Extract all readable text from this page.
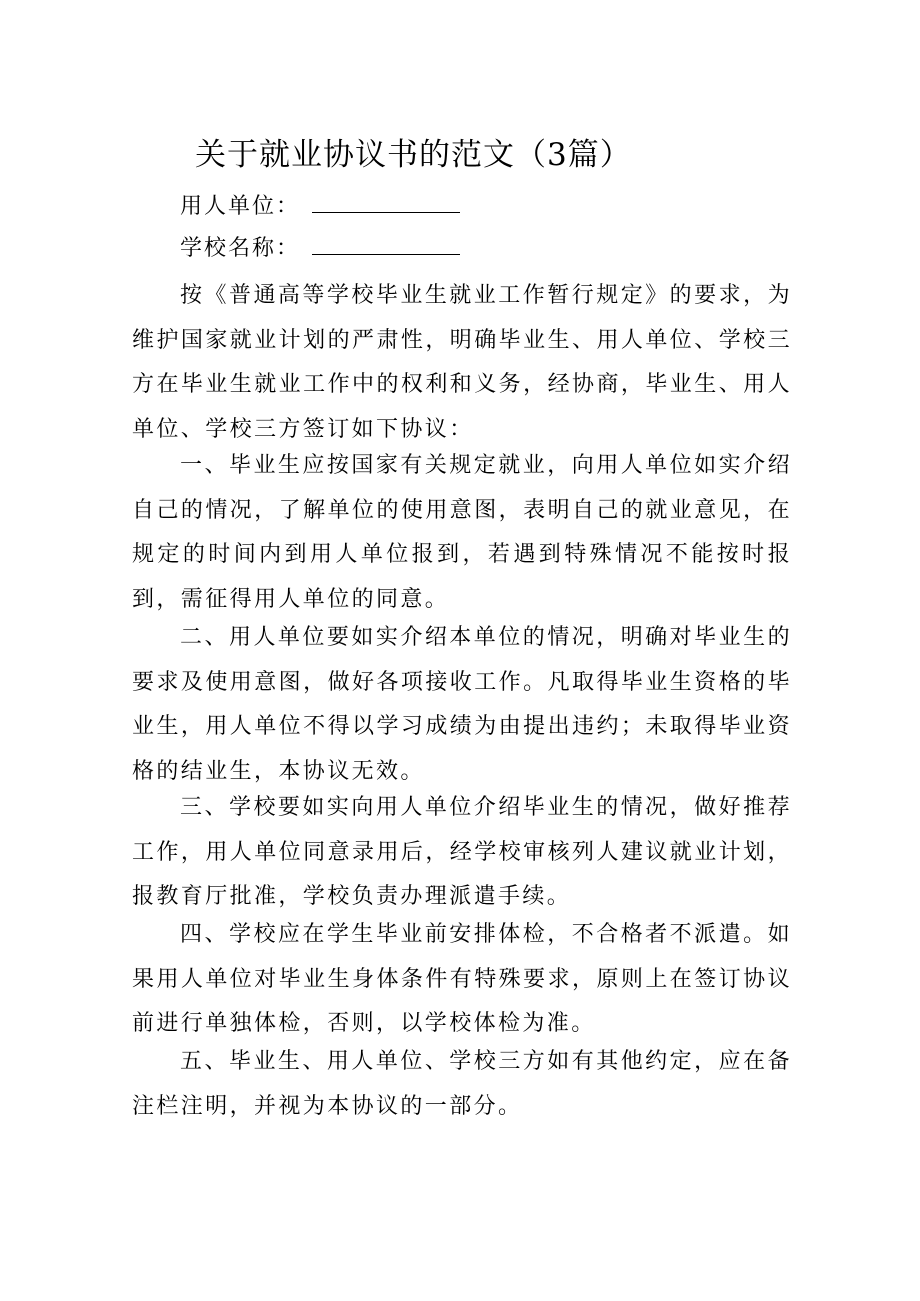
关于就业协议书的范文（3篇）
用人单位：
学校名称：

按《普通高等学校毕业生就业工作暂行规定》的要求，为维护国家就业计划的严肃性，明确毕业生、用人单位、学校三方在毕业生就业工作中的权利和义务，经协商，毕业生、用人单位、学校三方签订如下协议：

一、毕业生应按国家有关规定就业，向用人单位如实介绍自己的情况，了解单位的使用意图，表明自己的就业意见，在规定的时间内到用人单位报到，若遇到特殊情况不能按时报到，需征得用人单位的同意。

二、用人单位要如实介绍本单位的情况，明确对毕业生的要求及使用意图，做好各项接收工作。凡取得毕业生资格的毕业生，用人单位不得以学习成绩为由提出违约；未取得毕业资格的结业生，本协议无效。

三、学校要如实向用人单位介绍毕业生的情况，做好推荐工作，用人单位同意录用后，经学校审核列人建议就业计划，报教育厅批准，学校负责办理派遣手续。

四、学校应在学生毕业前安排体检，不合格者不派遣。如果用人单位对毕业生身体条件有特殊要求，原则上在签订协议前进行单独体检，否则，以学校体检为准。

五、毕业生、用人单位、学校三方如有其他约定，应在备注栏注明，并视为本协议的一部分。
